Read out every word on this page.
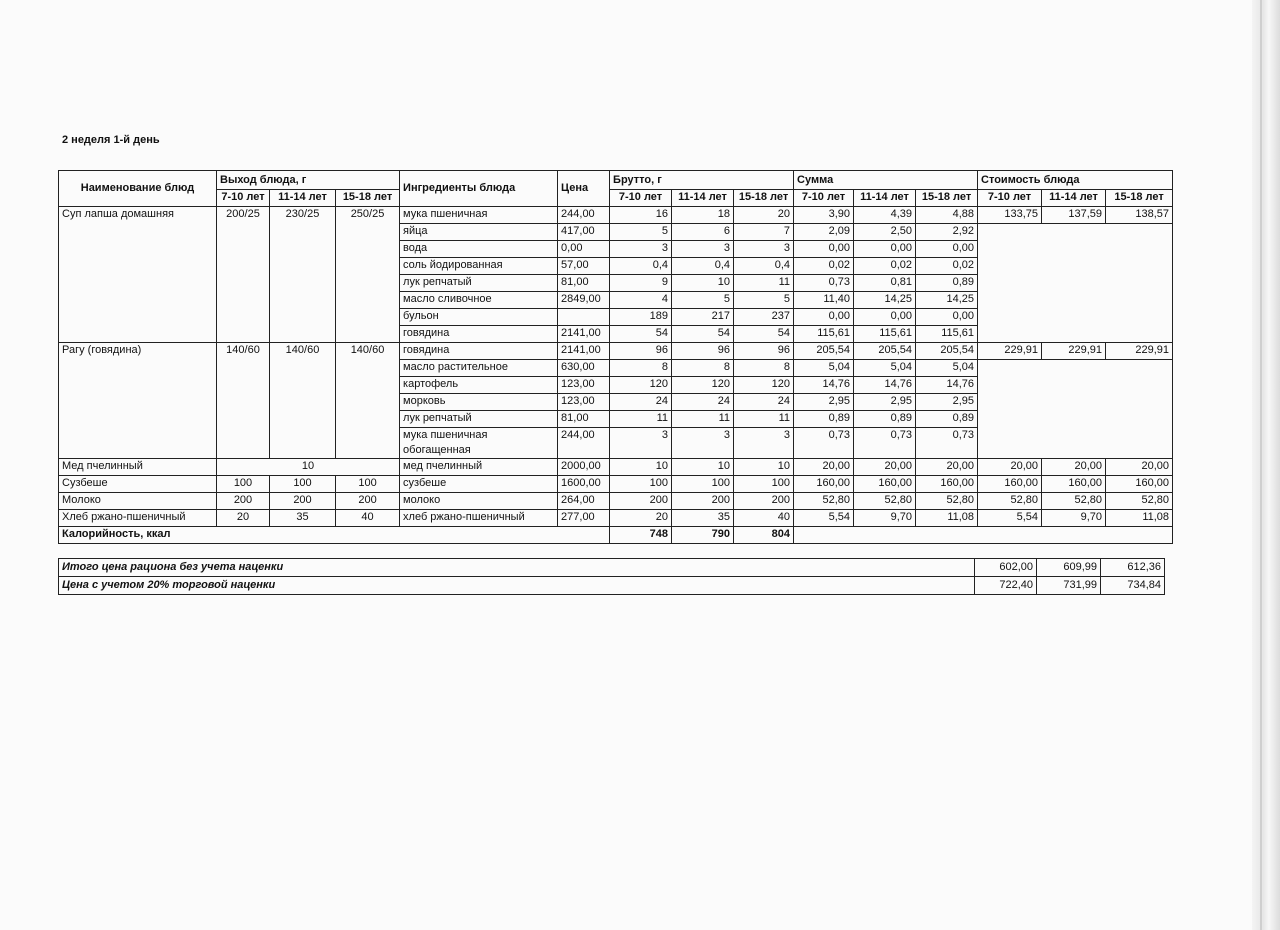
2 неделя 1-й день
Наименование блюд	Выход блюда, г			Ингредиенты блюда	Цена	Брутто, г			Сумма			Стоимость блюда		
	7-10 лет	11-14 лет	15-18 лет			7-10 лет	11-14 лет	15-18 лет	7-10 лет	11-14 лет	15-18 лет	7-10 лет	11-14 лет	15-18 лет
Суп лапша домашняя	200/25	230/25	250/25	мука пшеничная	244,00	16	18	20	3,90	4,39	4,88	133,75	137,59	138,57
				яйца	417,00	5	6	7	2,09	2,50	2,92			
				вода	0,00	3	3	3	0,00	0,00	0,00			
				соль йодированная	57,00	0,4	0,4	0,4	0,02	0,02	0,02			
				лук репчатый	81,00	9	10	11	0,73	0,81	0,89			
				масло сливочное	2849,00	4	5	5	11,40	14,25	14,25			
				бульон		189	217	237	0,00	0,00	0,00			
				говядина	2141,00	54	54	54	115,61	115,61	115,61			
Рагу (говядина)	140/60	140/60	140/60	говядина	2141,00	96	96	96	205,54	205,54	205,54	229,91	229,91	229,91
				масло растительное	630,00	8	8	8	5,04	5,04	5,04			
				картофель	123,00	120	120	120	14,76	14,76	14,76			
				морковь	123,00	24	24	24	2,95	2,95	2,95			
				лук репчатый	81,00	11	11	11	0,89	0,89	0,89			
				мука пшеничная обогащенная	244,00	3	3	3	0,73	0,73	0,73			
Мед пчелинный	10			мед пчелинный	2000,00	10	10	10	20,00	20,00	20,00	20,00	20,00	20,00
Сузбеше	100	100	100	сузбеше	1600,00	100	100	100	160,00	160,00	160,00	160,00	160,00	160,00
Молоко	200	200	200	молоко	264,00	200	200	200	52,80	52,80	52,80	52,80	52,80	52,80
Хлеб ржано-пшеничный	20	35	40	хлеб ржано-пшеничный	277,00	20	35	40	5,54	9,70	11,08	5,54	9,70	11,08
Калорийность, ккал						748	790	804						
Итого цена рациона без учета наценки	602,00	609,99	612,36
Цена с учетом 20% торговой наценки	722,40	731,99	734,84
